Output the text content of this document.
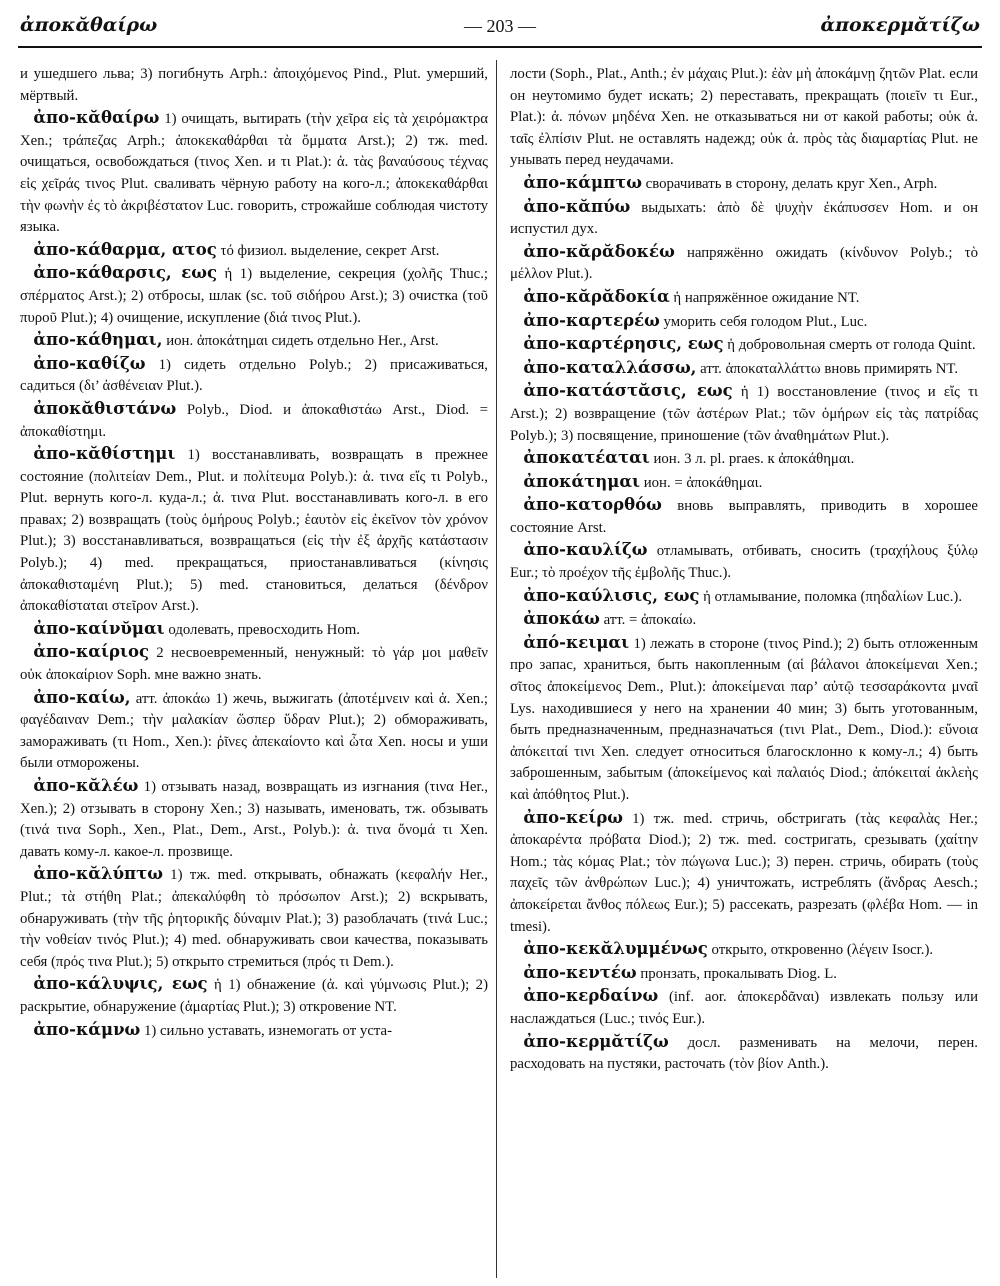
ἀποκᾰθαίρω	— 203 —	ἀποκερμᾰτίζω

и ушедшего льва; 3) погибнуть Arph.: ἀποιχόμενος Pind., Plut. умерший, мёртвый.

ἀπο-κᾰθαίρω 1) очищать, вытирать (τὴν χεῖρα εἰς τὰ χειρόμακτρα Xen.; τράπεζας Arph.; ἀποκεκαθάρθαι τὰ ὄμματα Arst.); 2) тж. med. очищаться, освобождаться (τινος Xen. и τι Plat.): ἀ. τὰς βαναύσους τέχνας εἰς χεῖράς τινος Plut. сваливать чёрную работу на кого-л.; ἀποκεκαθάρθαι τὴν φωνὴν ἐς τὸ ἀκριβέστατον Luc. говорить, строжайше соблюдая чистоту языка.

ἀπο-κάθαρμα, ατος τό физиол. выделение, секрет Arst.

ἀπο-κάθαρσις, εως ἡ 1) выделение, секреция (χολῆς Thuc.; σπέρματος Arst.); 2) отбросы, шлак (sc. τοῦ σιδήρου Arst.); 3) очистка (τοῦ πυροῦ Plut.); 4) очищение, искупление (διά τινος Plut.).

ἀπο-κάθημαι, ион. ἀποκάτημαι сидеть отдельно Her., Arst.

ἀπο-καθίζω 1) сидеть отдельно Polyb.; 2) присаживаться, садиться (δι’ ἀσθένειαν Plut.).

ἀποκᾰθιστάνω Polyb., Diod. и ἀποκαθιστάω Arst., Diod. = ἀποκαθίστημι.

ἀπο-κᾰθίστημι 1) восстанавливать, возвращать в прежнее состояние (πολιτείαν Dem., Plut. и πολίτευμα Polyb.): ἀ. τινα εἴς τι Polyb., Plut. вернуть кого-л. куда-л.; ἀ. τινα Plut. восстанавливать кого-л. в его правах; 2) возвращать (τοὺς ὁμήρους Polyb.; ἑαυτὸν εἰς ἐκεῖνον τὸν χρόνον Plut.); 3) восстанавливаться, возвращаться (εἰς τὴν ἐξ ἀρχῆς κατάστασιν Polyb.); 4) med. прекращаться, приостанавливаться (κίνησις ἀποκαθισταμένη Plut.); 5) med. становиться, делаться (δένδρον ἀποκαθίσταται στεῖρον Arst.).

ἀπο-καίνῠμαι одолевать, превосходить Hom.

ἀπο-καίριος 2 несвоевременный, ненужный: τὸ γάρ μοι μαθεῖν οὐκ ἀποκαίριον Soph. мне важно знать.

ἀπο-καίω, атт. ἀποκάω 1) жечь, выжигать (ἀποτέμνειν καὶ ἀ. Xen.; φαγέδαιναν Dem.; τὴν μαλακίαν ὥσπερ ὕδραν Plut.); 2) обмораживать, замораживать (τι Hom., Xen.): ῥῖνες ἀπεκαίοντο καὶ ὦτα Xen. носы и уши были отморожены.

ἀπο-κᾰλέω 1) отзывать назад, возвращать из изгнания (τινα Her., Xen.); 2) отзывать в сторону Xen.; 3) называть, именовать, тж. обзывать (τινά τινα Soph., Xen., Plat., Dem., Arst., Polyb.): ἀ. τινα ὄνομά τι Xen. давать кому-л. какое-л. прозвище.

ἀπο-κᾰλύπτω 1) тж. med. открывать, обнажать (κεφαλήν Her., Plut.; τὰ στήθη Plat.; ἀπεκαλύφθη τὸ πρόσωπον Arst.); 2) вскрывать, обнаруживать (τὴν τῆς ῥητορικῆς δύναμιν Plat.); 3) разоблачать (τινά Luc.; τὴν νοθείαν τινός Plut.); 4) med. обнаруживать свои качества, показывать себя (πρός τινα Plut.); 5) открыто стремиться (πρός τι Dem.).

ἀπο-κάλυψις, εως ἡ 1) обнажение (ἀ. καὶ γύμνωσις Plut.); 2) раскрытие, обнаружение (ἁμαρτίας Plut.); 3) откровение NT.

ἀπο-κάμνω 1) сильно уставать, изнемогать от уста-

лости (Soph., Plat., Anth.; ἐν μάχαις Plut.): ἐὰν μὴ ἀποκάμνῃ ζητῶν Plat. если он неутомимо будет искать; 2) переставать, прекращать (ποιεῖν τι Eur., Plat.): ἀ. πόνων μηδένα Xen. не отказываться ни от какой работы; οὐκ ἀ. ταῖς ἐλπίσιν Plut. не оставлять надежд; οὐκ ἀ. πρὸς τὰς διαμαρτίας Plut. не унывать перед неудачами.

ἀπο-κάμπτω сворачивать в сторону, делать круг Xen., Arph.

ἀπο-κᾰπύω выдыхать: ἀπὸ δὲ ψυχὴν ἐκάπυσσεν Hom. и он испустил дух.

ἀπο-κᾰρᾰδοκέω напряжённо ожидать (κίνδυνον Polyb.; τὸ μέλλον Plut.).

ἀπο-κᾰρᾰδοκία ἡ напряжённое ожидание NT.

ἀπο-καρτερέω уморить себя голодом Plut., Luc.

ἀπο-καρτέρησις, εως ἡ добровольная смерть от голода Quint.

ἀπο-καταλλάσσω, атт. ἀποκαταλλάττω вновь примирять NT.

ἀπο-κατάστᾰσις, εως ἡ 1) восстановление (τινος и εἴς τι Arst.); 2) возвращение (τῶν ἀστέρων Plat.; τῶν ὁμήρων εἰς τὰς πατρίδας Polyb.); 3) посвящение, приношение (τῶν ἀναθημάτων Plut.).

ἀποκατέαται ион. 3 л. pl. praes. к ἀποκάθημαι.

ἀποκάτημαι ион. = ἀποκάθημαι.

ἀπο-κατορθόω вновь выправлять, приводить в хорошее состояние Arst.

ἀπο-καυλίζω отламывать, отбивать, сносить (τραχήλους ξύλῳ Eur.; τὸ προέχον τῆς ἐμβολῆς Thuc.).

ἀπο-καύλισις, εως ἡ отламывание, поломка (πηδαλίων Luc.).

ἀποκάω атт. = ἀποκαίω.

ἀπό-κειμαι 1) лежать в стороне (τινος Pind.); 2) быть отложенным про запас, храниться, быть накопленным (αἱ βάλανοι ἀποκείμεναι Xen.; σῖτος ἀποκείμενος Dem., Plut.): ἀποκείμεναι παρ’ αὐτῷ τεσσαράκοντα μναῖ Lys. находившиеся у него на хранении 40 мин; 3) быть уготованным, быть предназначенным, предназначаться (τινι Plat., Dem., Diod.): εὔνοια ἀπόκειταί τινι Xen. следует относиться благосклонно к кому-л.; 4) быть заброшенным, забытым (ἀποκείμενος καὶ παλαιός Diod.; ἀπόκειταί ἀκλεὴς καὶ ἀπόθητος Plut.).

ἀπο-κείρω 1) тж. med. стричь, обстригать (τὰς κεφαλὰς Her.; ἀποκαρέντα πρόβατα Diod.); 2) тж. med. состригать, срезывать (χαίτην Hom.; τὰς κόμας Plat.; τὸν πώγωνα Luc.); 3) перен. стричь, обирать (τοὺς παχεῖς τῶν ἀνθρώπων Luc.); 4) уничтожать, истреблять (ἄνδρας Aesch.; ἀποκείρεται ἄνθος πόλεως Eur.); 5) рассекать, разрезать (φλέβα Hom. — in tmesi).

ἀπο-κεκᾰλυμμένως открыто, откровенно (λέγειν Isocr.).

ἀπο-κεντέω пронзать, прокалывать Diog. L.

ἀπο-κερδαίνω (inf. aor. ἀποκερδᾶναι) извлекать пользу или наслаждаться (Luc.; τινός Eur.).

ἀπο-κερμᾰτίζω досл. разменивать на мелочи, перен. расходовать на пустяки, расточать (τὸν βίον Anth.).
